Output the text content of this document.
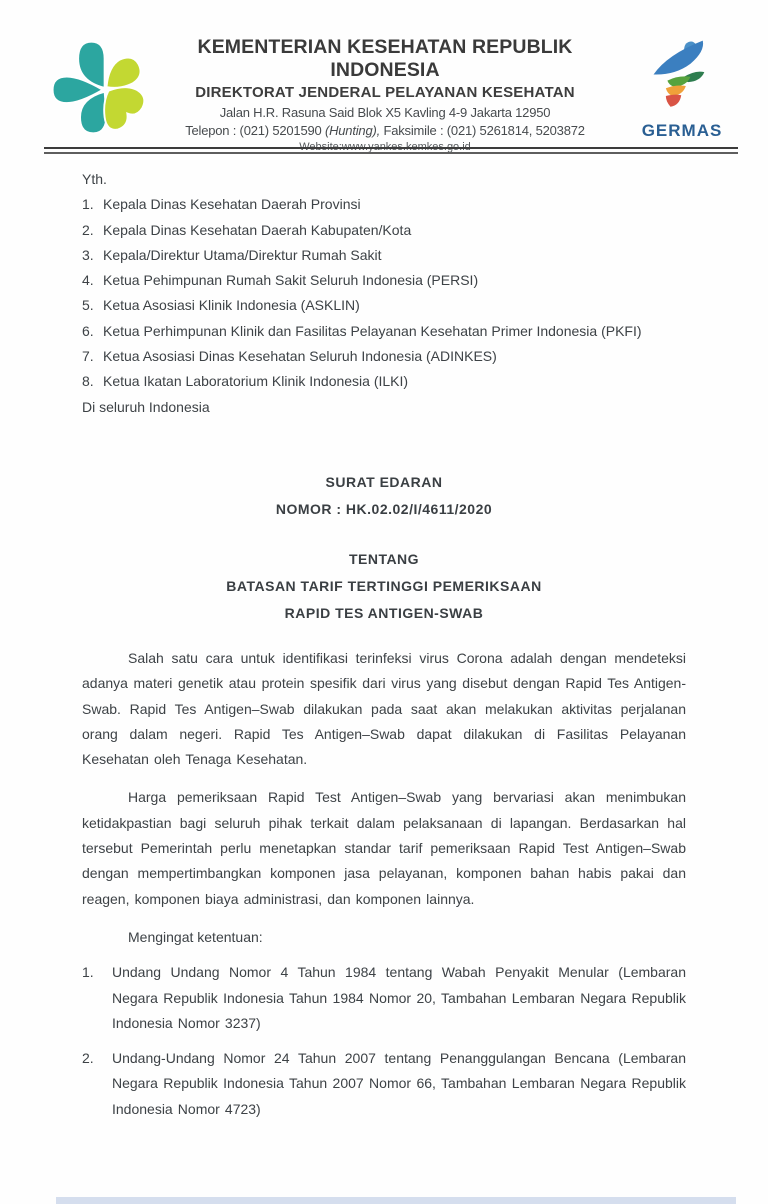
KEMENTERIAN KESEHATAN REPUBLIK INDONESIA
DIREKTORAT JENDERAL PELAYANAN KESEHATAN
Jalan H.R. Rasuna Said Blok X5 Kavling 4-9 Jakarta 12950
Telepon : (021) 5201590 (Hunting), Faksimile : (021) 5261814, 5203872
Website:www.yankes.kemkes.go.id
GERMAS
Yth.
1. Kepala Dinas Kesehatan Daerah Provinsi
2. Kepala Dinas Kesehatan Daerah Kabupaten/Kota
3. Kepala/Direktur Utama/Direktur Rumah Sakit
4. Ketua Pehimpunan Rumah Sakit Seluruh Indonesia (PERSI)
5. Ketua Asosiasi Klinik Indonesia (ASKLIN)
6. Ketua Perhimpunan Klinik dan Fasilitas Pelayanan Kesehatan Primer Indonesia (PKFI)
7. Ketua Asosiasi Dinas Kesehatan Seluruh Indonesia (ADINKES)
8. Ketua Ikatan Laboratorium Klinik Indonesia (ILKI)
Di seluruh Indonesia
SURAT EDARAN
NOMOR : HK.02.02/I/4611/2020
TENTANG
BATASAN TARIF TERTINGGI PEMERIKSAAN
RAPID TES ANTIGEN-SWAB
Salah satu cara untuk identifikasi terinfeksi virus Corona adalah dengan mendeteksi adanya materi genetik atau protein spesifik dari virus yang disebut dengan Rapid Tes Antigen-Swab. Rapid Tes Antigen–Swab dilakukan pada saat akan melakukan aktivitas perjalanan orang dalam negeri. Rapid Tes Antigen–Swab dapat dilakukan di Fasilitas Pelayanan Kesehatan oleh Tenaga Kesehatan.
Harga pemeriksaan Rapid Test Antigen–Swab yang bervariasi akan menimbukan ketidakpastian bagi seluruh pihak terkait dalam pelaksanaan di lapangan. Berdasarkan hal tersebut Pemerintah perlu menetapkan standar tarif pemeriksaan Rapid Test Antigen–Swab dengan mempertimbangkan komponen jasa pelayanan, komponen bahan habis pakai dan reagen, komponen biaya administrasi, dan komponen lainnya.
Mengingat ketentuan:
1.	Undang Undang Nomor 4 Tahun 1984 tentang Wabah Penyakit Menular (Lembaran Negara Republik Indonesia Tahun 1984 Nomor 20, Tambahan Lembaran Negara Republik Indonesia Nomor 3237)
2.	Undang-Undang Nomor 24 Tahun 2007 tentang Penanggulangan Bencana (Lembaran Negara Republik Indonesia Tahun 2007 Nomor 66, Tambahan Lembaran Negara Republik Indonesia Nomor 4723)
